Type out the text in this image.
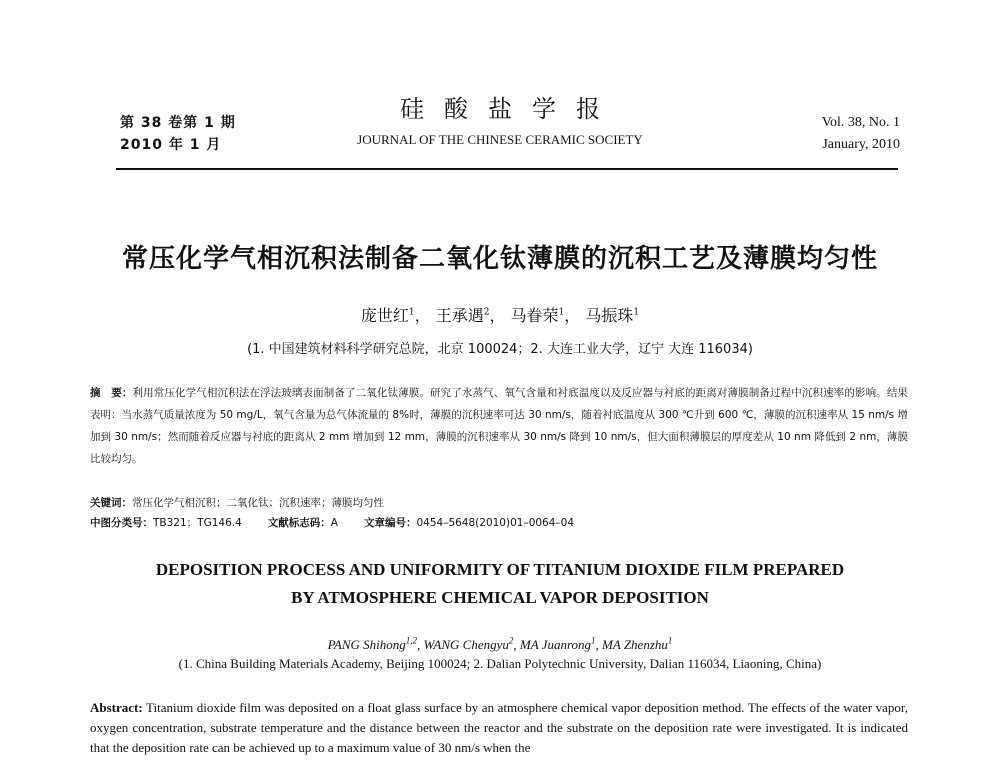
第 38 卷第 1 期
2010 年 1 月
硅酸盐学报
JOURNAL OF THE CHINESE CERAMIC SOCIETY
Vol. 38, No. 1
January, 2010
常压化学气相沉积法制备二氧化钛薄膜的沉积工艺及薄膜均匀性
庞世红$^1$， 王承遇$^2$， 马眷荣$^1$， 马振珠$^1$
(1. 中国建筑材料科学研究总院，北京 100024；2. 大连工业大学，辽宁 大连 116034)
摘　要：利用常压化学气相沉积法在浮法玻璃表面制备了二氧化钛薄膜。研究了水蒸气、氧气含量和衬底温度以及反应器与衬底的距离对薄膜制备过程中沉积速率的影响。结果表明：当水蒸气质量浓度为 50 mg/L，氧气含量为总气体流量的 8%时，薄膜的沉积速率可达 30 nm/s，随着衬底温度从 300 ℃升到 600 ℃，薄膜的沉积速率从 15 nm/s 增加到 30 nm/s；然而随着反应器与衬底的距离从 2 mm 增加到 12 mm，薄膜的沉积速率从 30 nm/s 降到 10 nm/s，但大面积薄膜层的厚度差从 10 nm 降低到 2 nm，薄膜比较均匀。
关键词：常压化学气相沉积；二氧化钛；沉积速率；薄膜均匀性
中图分类号：TB321；TG146.4 文献标志码：A 文章编号：0454–5648(2010)01–0064–04
DEPOSITION PROCESS AND UNIFORMITY OF TITANIUM DIOXIDE FILM PREPARED
BY ATMOSPHERE CHEMICAL VAPOR DEPOSITION
PANG Shihong$^{1,2}$, WANG Chengyu$^2$, MA Juanrong$^1$, MA Zhenzhu$^1$
(1. China Building Materials Academy, Beijing 100024; 2. Dalian Polytechnic University, Dalian 116034, Liaoning, China)
Abstract: Titanium dioxide film was deposited on a float glass surface by an atmosphere chemical vapor deposition method. The effects of the water vapor, oxygen concentration, substrate temperature and the distance between the reactor and the substrate on the deposition rate were investigated. It is indicated that the deposition rate can be achieved up to a maximum value of 30 nm/s when the
